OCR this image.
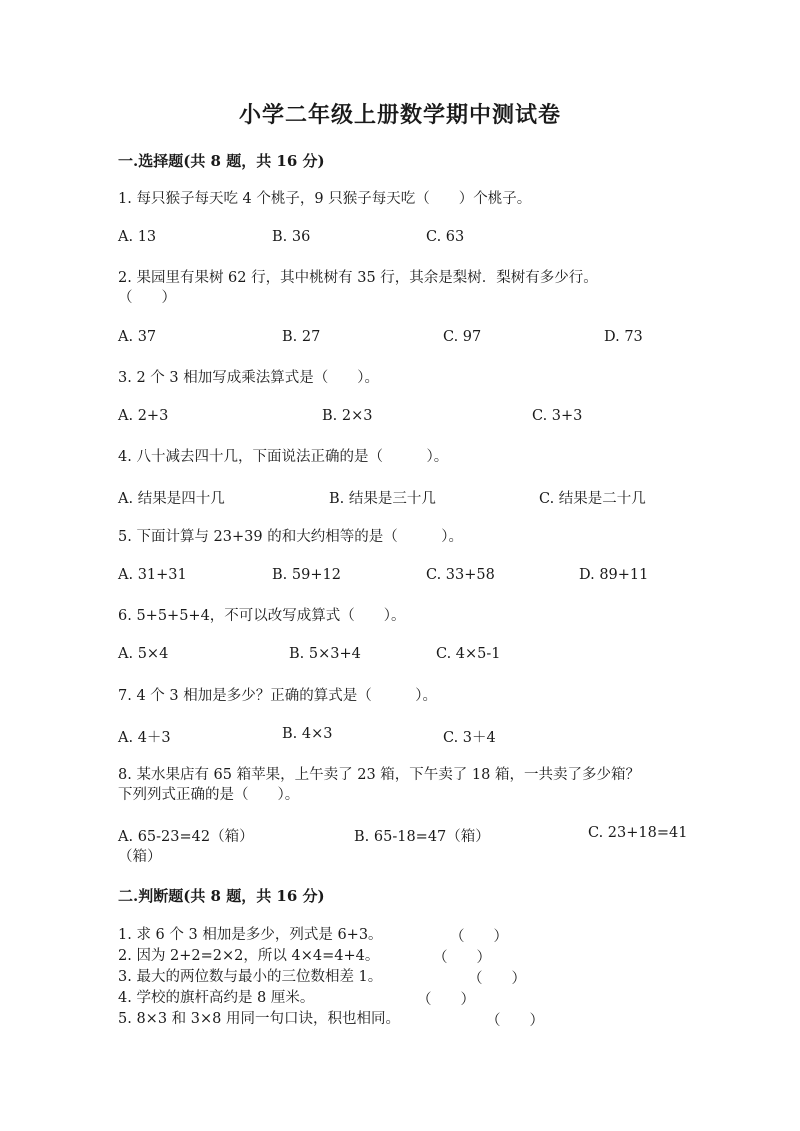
小学二年级上册数学期中测试卷
一.选择题(共 8 题，共 16 分)
1. 每只猴子每天吃 4 个桃子，9 只猴子每天吃（　　）个桃子。
A. 13	B. 36	C. 63
2. 果园里有果树 62 行，其中桃树有 35 行，其余是梨树．梨树有多少行。
（　　）
A. 37	B. 27	C. 97	D. 73
3. 2 个 3 相加写成乘法算式是（　　）。
A. 2+3	B. 2×3	C. 3+3
4. 八十减去四十几，下面说法正确的是（　　　）。
A. 结果是四十几	B. 结果是三十几	C. 结果是二十几
5. 下面计算与 23+39 的和大约相等的是（　　　）。
A. 31+31	B. 59+12	C. 33+58	D. 89+11
6. 5+5+5+4，不可以改写成算式（　　）。
A. 5×4	B. 5×3+4	C. 4×5-1
7. 4 个 3 相加是多少？正确的算式是（　　　）。
A. 4＋3	B. 4×3	C. 3＋4
8. 某水果店有 65 箱苹果，上午卖了 23 箱，下午卖了 18 箱，一共卖了多少箱？
下列列式正确的是（　　）。
A. 65-23=42（箱）	B. 65-18=47（箱）	C. 23+18=41
（箱）
二.判断题(共 8 题，共 16 分)
1. 求 6 个 3 相加是多少，列式是 6+3。	（　　）
2. 因为 2+2=2×2，所以 4×4=4+4。	（　　）
3. 最大的两位数与最小的三位数相差 1。	（　　）
4. 学校的旗杆高约是 8 厘米。	（　　）
5. 8×3 和 3×8 用同一句口诀，积也相同。	（　　）
